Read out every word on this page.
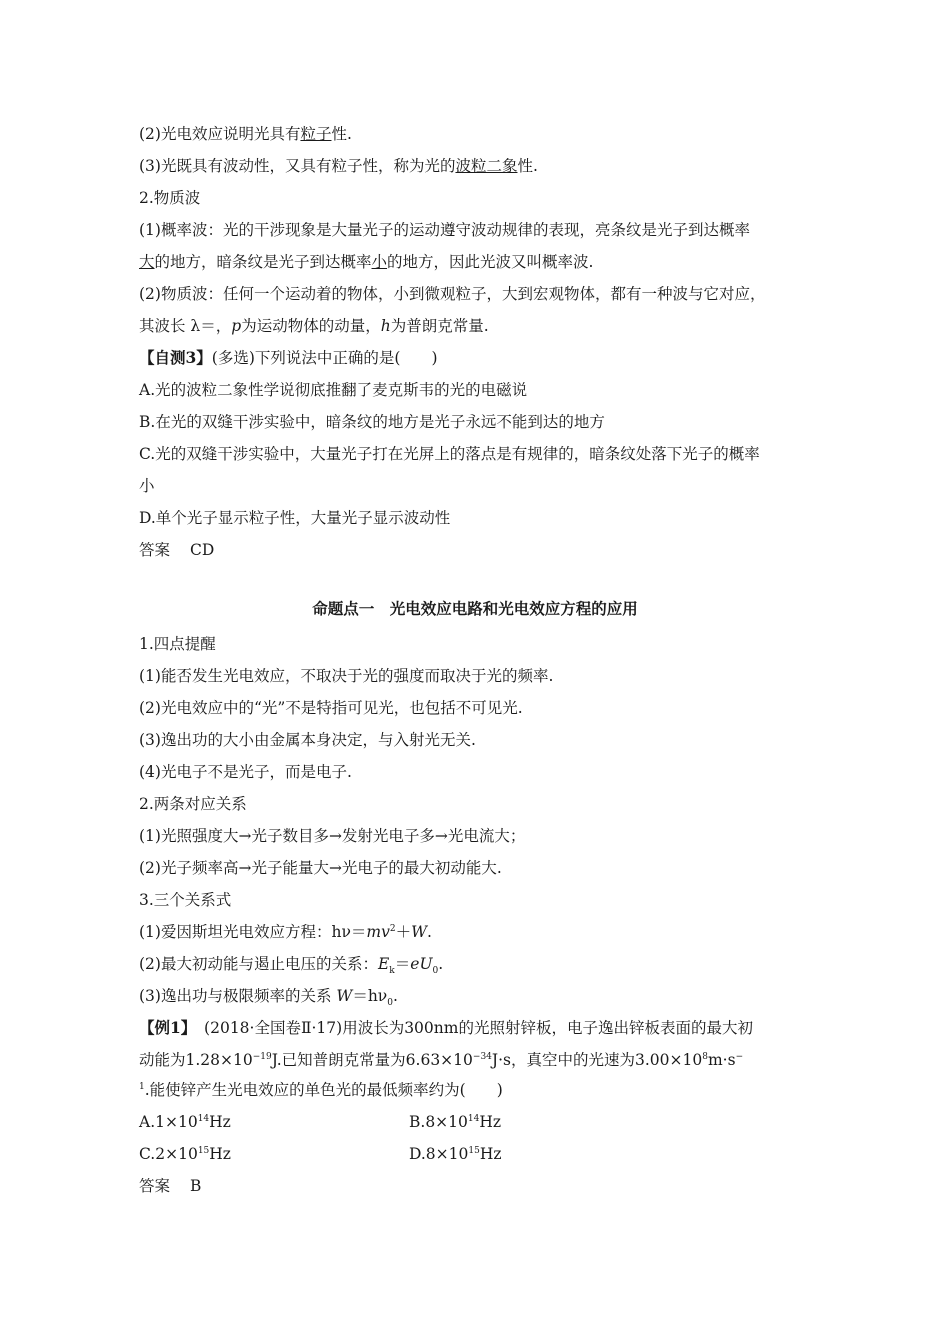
(2)光电效应说明光具有粒子性.
(3)光既具有波动性，又具有粒子性，称为光的波粒二象性.
2.物质波
(1)概率波：光的干涉现象是大量光子的运动遵守波动规律的表现，亮条纹是光子到达概率
大的地方，暗条纹是光子到达概率小的地方，因此光波又叫概率波.
(2)物质波：任何一个运动着的物体，小到微观粒子，大到宏观物体，都有一种波与它对应，
其波长 λ＝，p为运动物体的动量，h为普朗克常量.
【自测3】(多选)下列说法中正确的是(　　)
A.光的波粒二象性学说彻底推翻了麦克斯韦的光的电磁说
B.在光的双缝干涉实验中，暗条纹的地方是光子永远不能到达的地方
C.光的双缝干涉实验中，大量光子打在光屏上的落点是有规律的，暗条纹处落下光子的概率
小
D.单个光子显示粒子性，大量光子显示波动性
答案 CD
命题点一　光电效应电路和光电效应方程的应用
1.四点提醒
(1)能否发生光电效应，不取决于光的强度而取决于光的频率.
(2)光电效应中的“光”不是特指可见光，也包括不可见光.
(3)逸出功的大小由金属本身决定，与入射光无关.
(4)光电子不是光子，而是电子.
2.两条对应关系
(1)光照强度大→光子数目多→发射光电子多→光电流大；
(2)光子频率高→光子能量大→光电子的最大初动能大.
3.三个关系式
(1)爱因斯坦光电效应方程：$h\nu=mv^2+W$.
(2)最大初动能与遏止电压的关系：$E_k=eU_0$.
(3)逸出功与极限频率的关系 $W=h\nu_0$.
【例1】　(2018·全国卷Ⅱ·17)用波长为300nm的光照射锌板，电子逸出锌板表面的最大初
动能为$1.28\times 10^{-19}J$.已知普朗克常量为$6.63\times 10^{-34}J\cdot s$，真空中的光速为$3.00\times 10^8m\cdot s^-$
$^1$.能使锌产生光电效应的单色光的最低频率约为(　　)
$A.1\times 10^{14}Hz$	$B.8\times 10^{14}Hz$
$C.2\times 10^{15}Hz$	$D.8\times 10^{15}Hz$
答案 B
